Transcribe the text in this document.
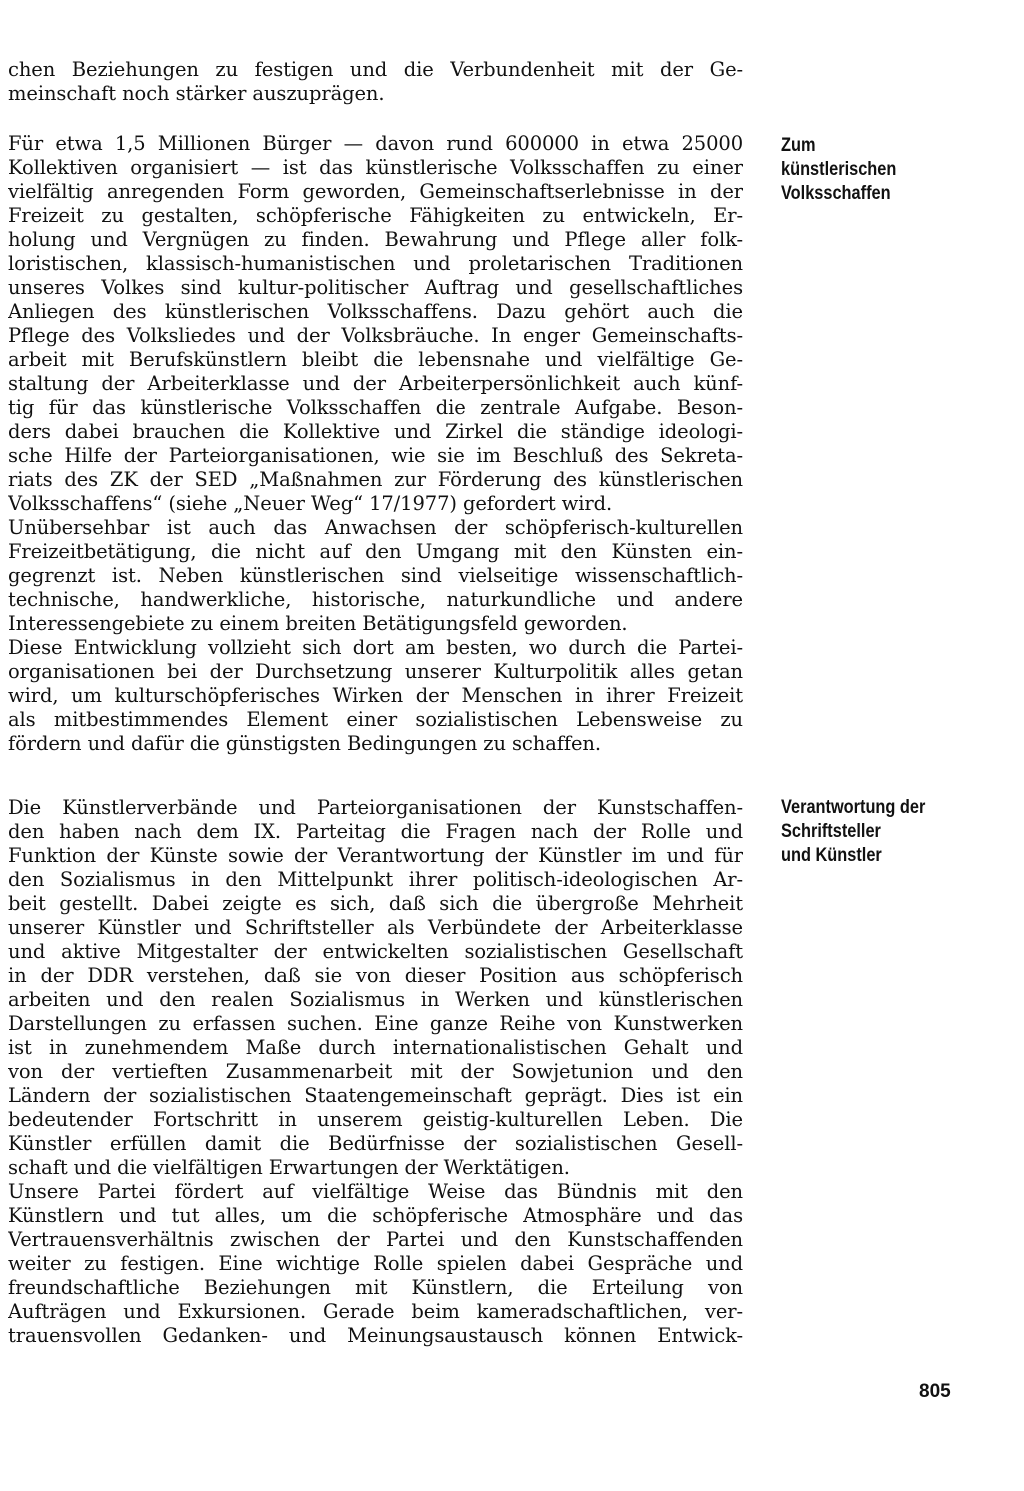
chen Beziehungen zu festigen und die Verbundenheit mit der Ge-
meinschaft noch stärker auszuprägen.
Für etwa 1,5 Millionen Bürger — davon rund 600000 in etwa 25000
Kollektiven organisiert — ist das künstlerische Volksschaffen zu einer
vielfältig anregenden Form geworden, Gemeinschaftserlebnisse in der
Freizeit zu gestalten, schöpferische Fähigkeiten zu entwickeln, Er-
holung und Vergnügen zu finden. Bewahrung und Pflege aller folk-
loristischen, klassisch-humanistischen und proletarischen Traditionen
unseres Volkes sind kultur-politischer Auftrag und gesellschaftliches
Anliegen des künstlerischen Volksschaffens. Dazu gehört auch die
Pflege des Volksliedes und der Volksbräuche. In enger Gemeinschafts-
arbeit mit Berufskünstlern bleibt die lebensnahe und vielfältige Ge-
staltung der Arbeiterklasse und der Arbeiterpersönlichkeit auch künf-
tig für das künstlerische Volksschaffen die zentrale Aufgabe. Beson-
ders dabei brauchen die Kollektive und Zirkel die ständige ideologi-
sche Hilfe der Parteiorganisationen, wie sie im Beschluß des Sekreta-
riats des ZK der SED „Maßnahmen zur Förderung des künstlerischen
Volksschaffens“ (siehe „Neuer Weg“ 17/1977) gefordert wird.
Unübersehbar ist auch das Anwachsen der schöpferisch-kulturellen
Freizeitbetätigung, die nicht auf den Umgang mit den Künsten ein-
gegrenzt ist. Neben künstlerischen sind vielseitige wissenschaftlich-
technische, handwerkliche, historische, naturkundliche und andere
Interessengebiete zu einem breiten Betätigungsfeld geworden.
Diese Entwicklung vollzieht sich dort am besten, wo durch die Partei-
organisationen bei der Durchsetzung unserer Kulturpolitik alles getan
wird, um kulturschöpferisches Wirken der Menschen in ihrer Freizeit
als mitbestimmendes Element einer sozialistischen Lebensweise zu
fördern und dafür die günstigsten Bedingungen zu schaffen.
Die Künstlerverbände und Parteiorganisationen der Kunstschaffen-
den haben nach dem IX. Parteitag die Fragen nach der Rolle und
Funktion der Künste sowie der Verantwortung der Künstler im und für
den Sozialismus in den Mittelpunkt ihrer politisch-ideologischen Ar-
beit gestellt. Dabei zeigte es sich, daß sich die übergroße Mehrheit
unserer Künstler und Schriftsteller als Verbündete der Arbeiterklasse
und aktive Mitgestalter der entwickelten sozialistischen Gesellschaft
in der DDR verstehen, daß sie von dieser Position aus schöpferisch
arbeiten und den realen Sozialismus in Werken und künstlerischen
Darstellungen zu erfassen suchen. Eine ganze Reihe von Kunstwerken
ist in zunehmendem Maße durch internationalistischen Gehalt und
von der vertieften Zusammenarbeit mit der Sowjetunion und den
Ländern der sozialistischen Staatengemeinschaft geprägt. Dies ist ein
bedeutender Fortschritt in unserem geistig-kulturellen Leben. Die
Künstler erfüllen damit die Bedürfnisse der sozialistischen Gesell-
schaft und die vielfältigen Erwartungen der Werktätigen.
Unsere Partei fördert auf vielfältige Weise das Bündnis mit den
Künstlern und tut alles, um die schöpferische Atmosphäre und das
Vertrauensverhältnis zwischen der Partei und den Kunstschaffenden
weiter zu festigen. Eine wichtige Rolle spielen dabei Gespräche und
freundschaftliche Beziehungen mit Künstlern, die Erteilung von
Aufträgen und Exkursionen. Gerade beim kameradschaftlichen, ver-
trauensvollen Gedanken- und Meinungsaustausch können Entwick-
Zum
künstlerischen
Volksschaffen
Verantwortung der
Schriftsteller
und Künstler
805
